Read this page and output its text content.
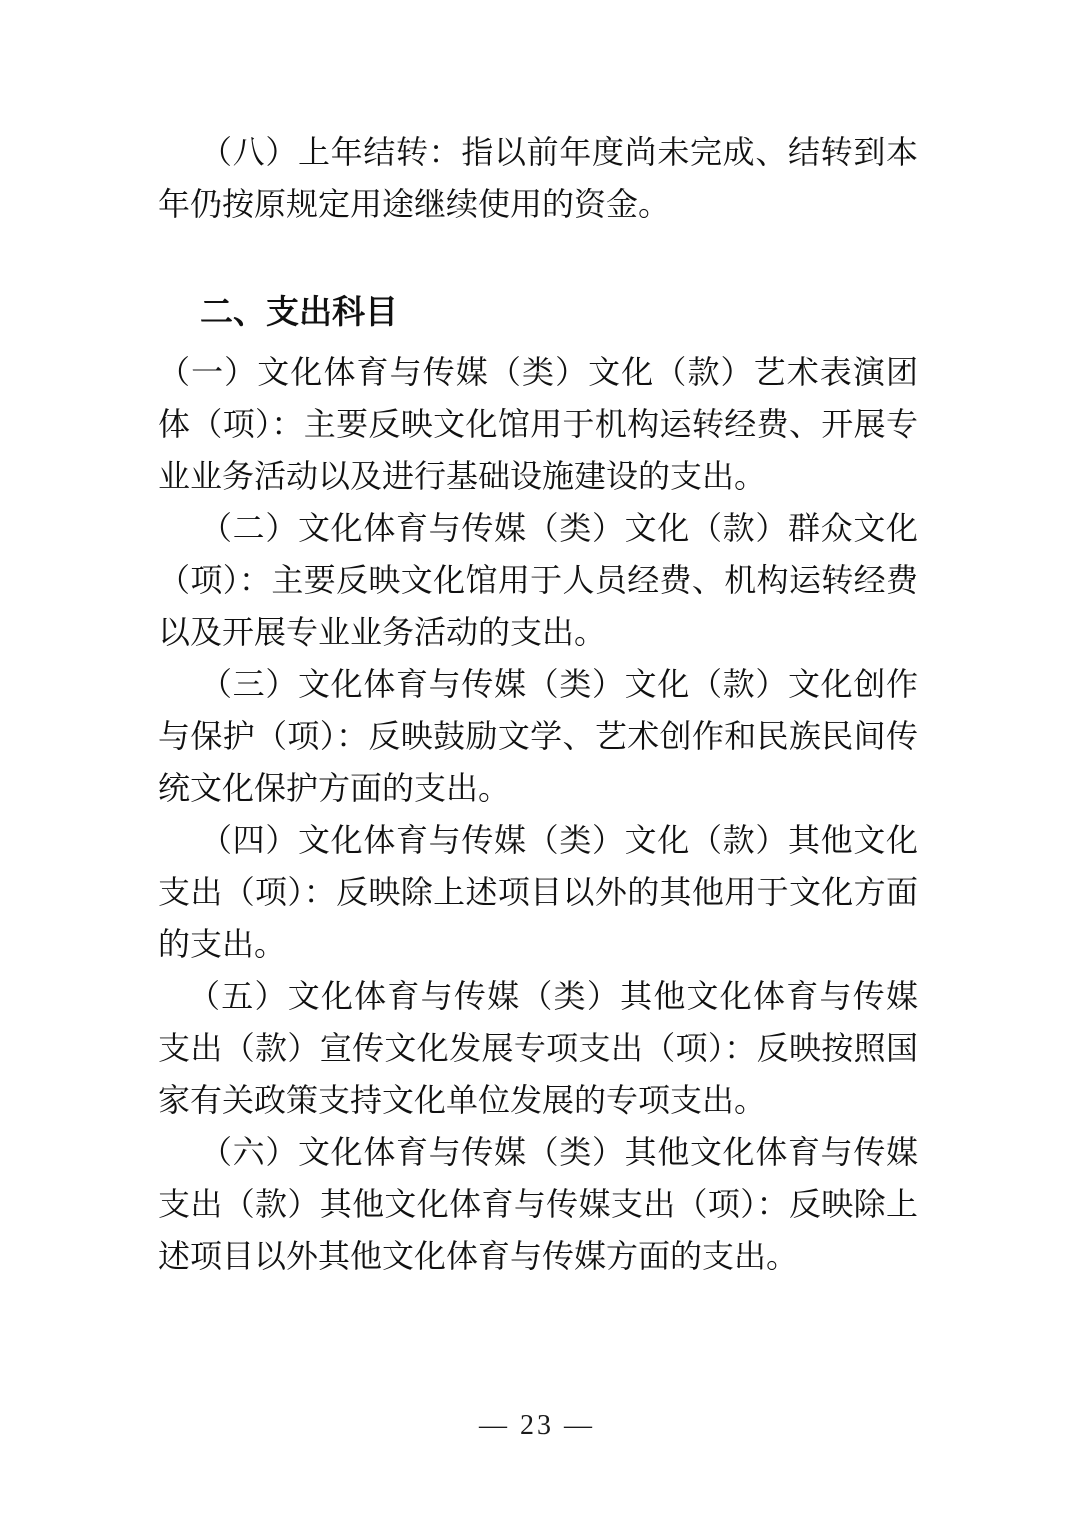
（八）上年结转：指以前年度尚未完成、结转到本年仍按原规定用途继续使用的资金。

二、支出科目

（一）文化体育与传媒（类）文化（款）艺术表演团体（项）：主要反映文化馆用于机构运转经费、开展专业业务活动以及进行基础设施建设的支出。

（二）文化体育与传媒（类）文化（款）群众文化（项）：主要反映文化馆用于人员经费、机构运转经费以及开展专业业务活动的支出。

（三）文化体育与传媒（类）文化（款）文化创作与保护（项）：反映鼓励文学、艺术创作和民族民间传统文化保护方面的支出。

（四）文化体育与传媒（类）文化（款）其他文化支出（项）：反映除上述项目以外的其他用于文化方面的支出。

（五）文化体育与传媒（类）其他文化体育与传媒支出（款）宣传文化发展专项支出（项）：反映按照国家有关政策支持文化单位发展的专项支出。

（六）文化体育与传媒（类）其他文化体育与传媒支出（款）其他文化体育与传媒支出（项）：反映除上述项目以外其他文化体育与传媒方面的支出。

— 23 —
